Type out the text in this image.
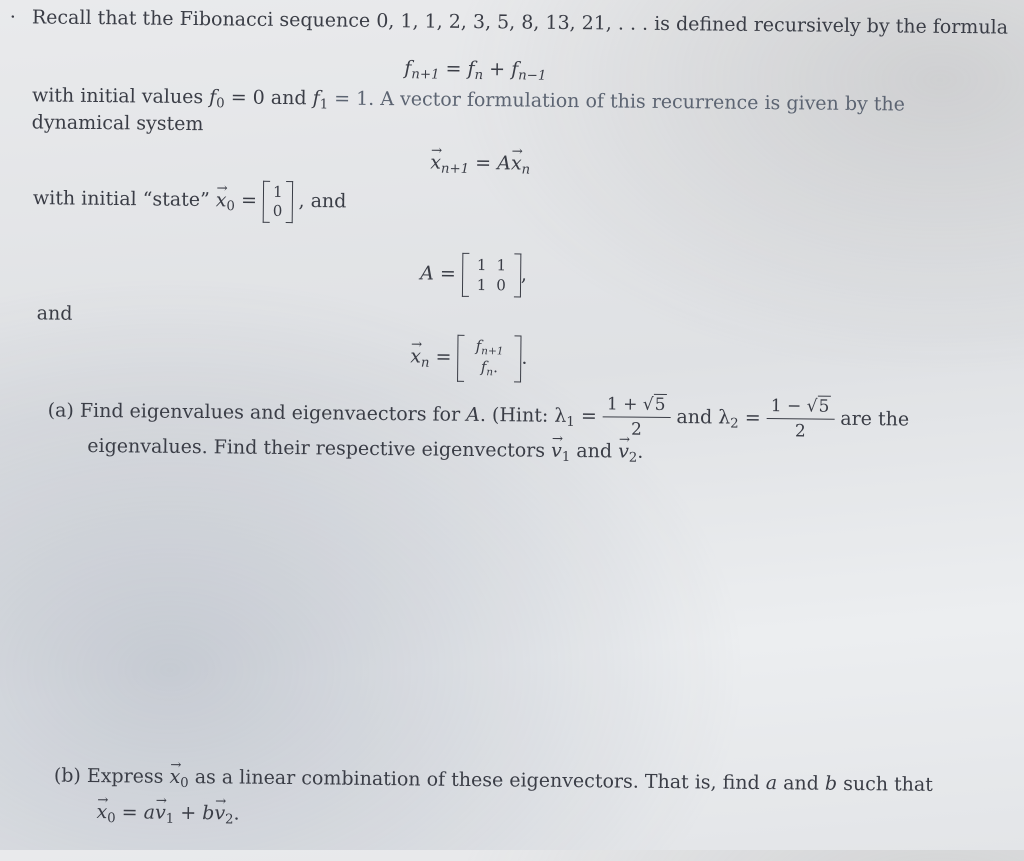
· Recall that the Fibonacci sequence 0, 1, 1, 2, 3, 5, 8, 13, 21, . . . is defined recursively by the formula
$f_{n+1} = f_n + f_{n-1}$
with initial values $f_0 = 0$ and $f_1 = 1$. A vector formulation of this recurrence is given by the
dynamical system
→ $x_{n+1} = A\to x_n$
with initial “state” → $x_0 = 1$
0 , and
A = 1	1
1	0 ,
and
→ $x_n = f_{n+1}$
$f_n$. .
(a) Find eigenvalues and eigenvaectors for A. (Hint: $\lambda_1 = \frac{1 + √5}{2}$ and $\lambda_2 = \frac{1 - √5}{2}$ are the
eigenvalues. Find their respective eigenvectors → $v_1$ and → $v_2$.
(b) Express → $x_0$ as a linear combination of these eigenvectors. That is, find a and b such that
→ $x_0 = a\to v_1 + b\to v_2$.
